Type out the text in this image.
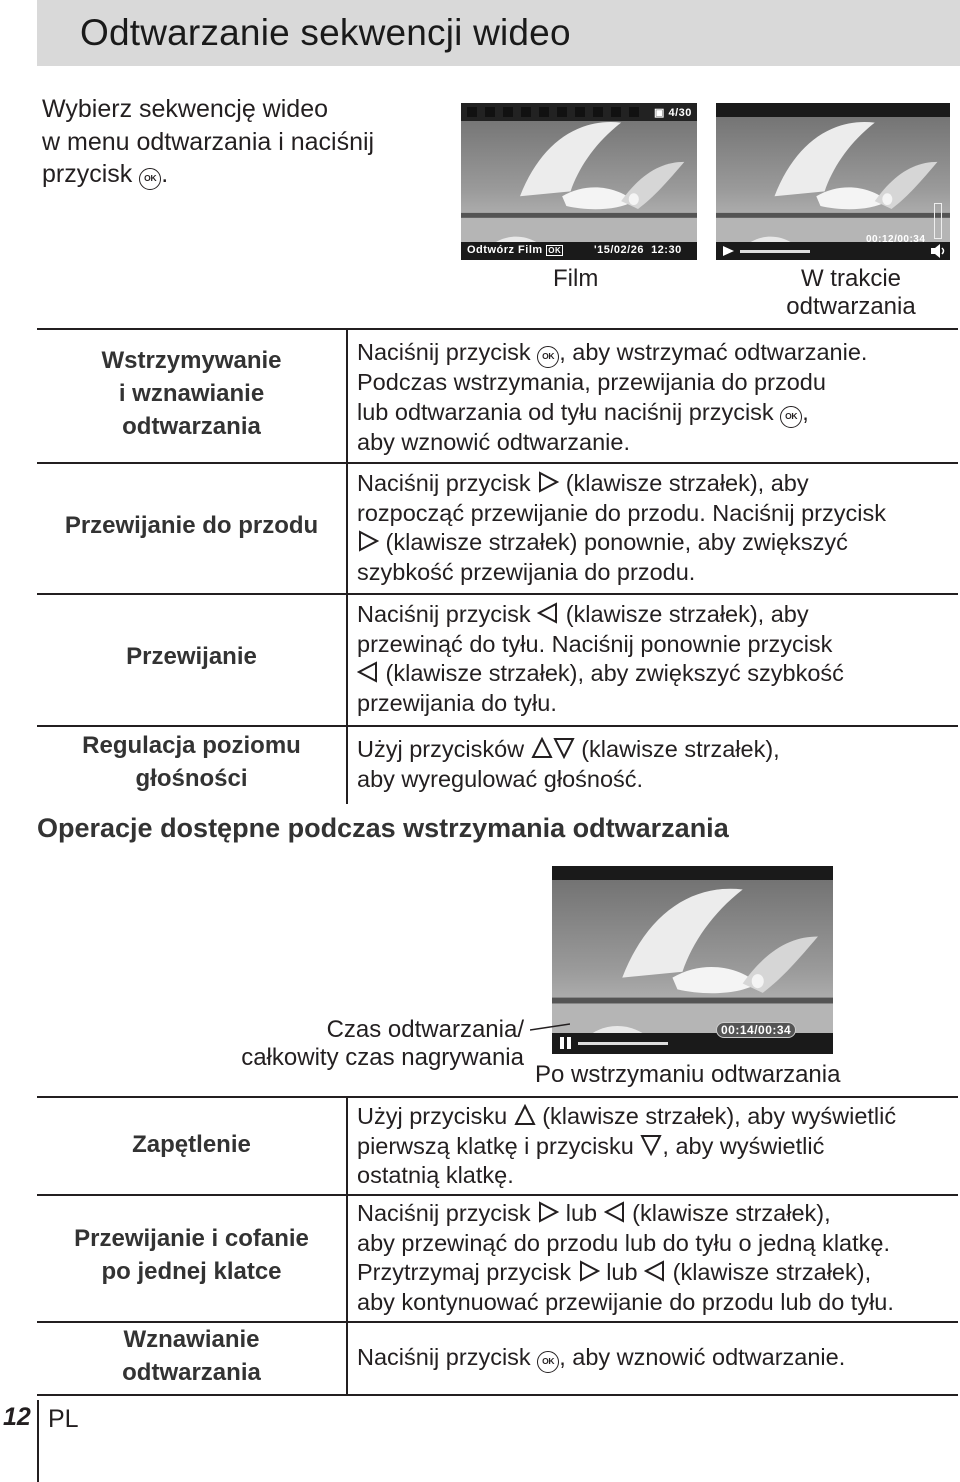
Odtwarzanie sekwencji wideo
Wybierz sekwencję wideo
w menu odtwarzania i naciśnij
przycisk OK .
▣ 4/30
Odtwórz Film OK	'15/02/26 12:30
Film
00:12/00:34
W trakcie
odtwarzania
Wstrzymywanie
i wznawianie
odtwarzania
Naciśnij przycisk OK , aby wstrzymać odtwarzanie.
Podczas wstrzymania, przewijania do przodu
lub odtwarzania od tyłu naciśnij przycisk OK ,
aby wznowić odtwarzanie.
Przewijanie do przodu
Naciśnij przycisk (klawisze strzałek), aby
rozpocząć przewijanie do przodu. Naciśnij przycisk
(klawisze strzałek) ponownie, aby zwiększyć
szybkość przewijania do przodu.
Przewijanie
Naciśnij przycisk (klawisze strzałek), aby
przewinąć do tyłu. Naciśnij ponownie przycisk
(klawisze strzałek), aby zwiększyć szybkość
przewijania do tyłu.
Regulacja poziomu
głośności
Użyj przycisków (klawisze strzałek),
aby wyregulować głośność.
Operacje dostępne podczas wstrzymania odtwarzania
00:14/00:34
Czas odtwarzania/
całkowity czas nagrywania
Po wstrzymaniu odtwarzania
Zapętlenie
Użyj przycisku (klawisze strzałek), aby wyświetlić
pierwszą klatkę i przycisku , aby wyświetlić
ostatnią klatkę.
Przewijanie i cofanie
po jednej klatce
Naciśnij przycisk lub (klawisze strzałek),
aby przewinąć do przodu lub do tyłu o jedną klatkę.
Przytrzymaj przycisk lub (klawisze strzałek),
aby kontynuować przewijanie do przodu lub do tyłu.
Wznawianie
odtwarzania
Naciśnij przycisk OK , aby wznowić odtwarzanie.
12 PL
